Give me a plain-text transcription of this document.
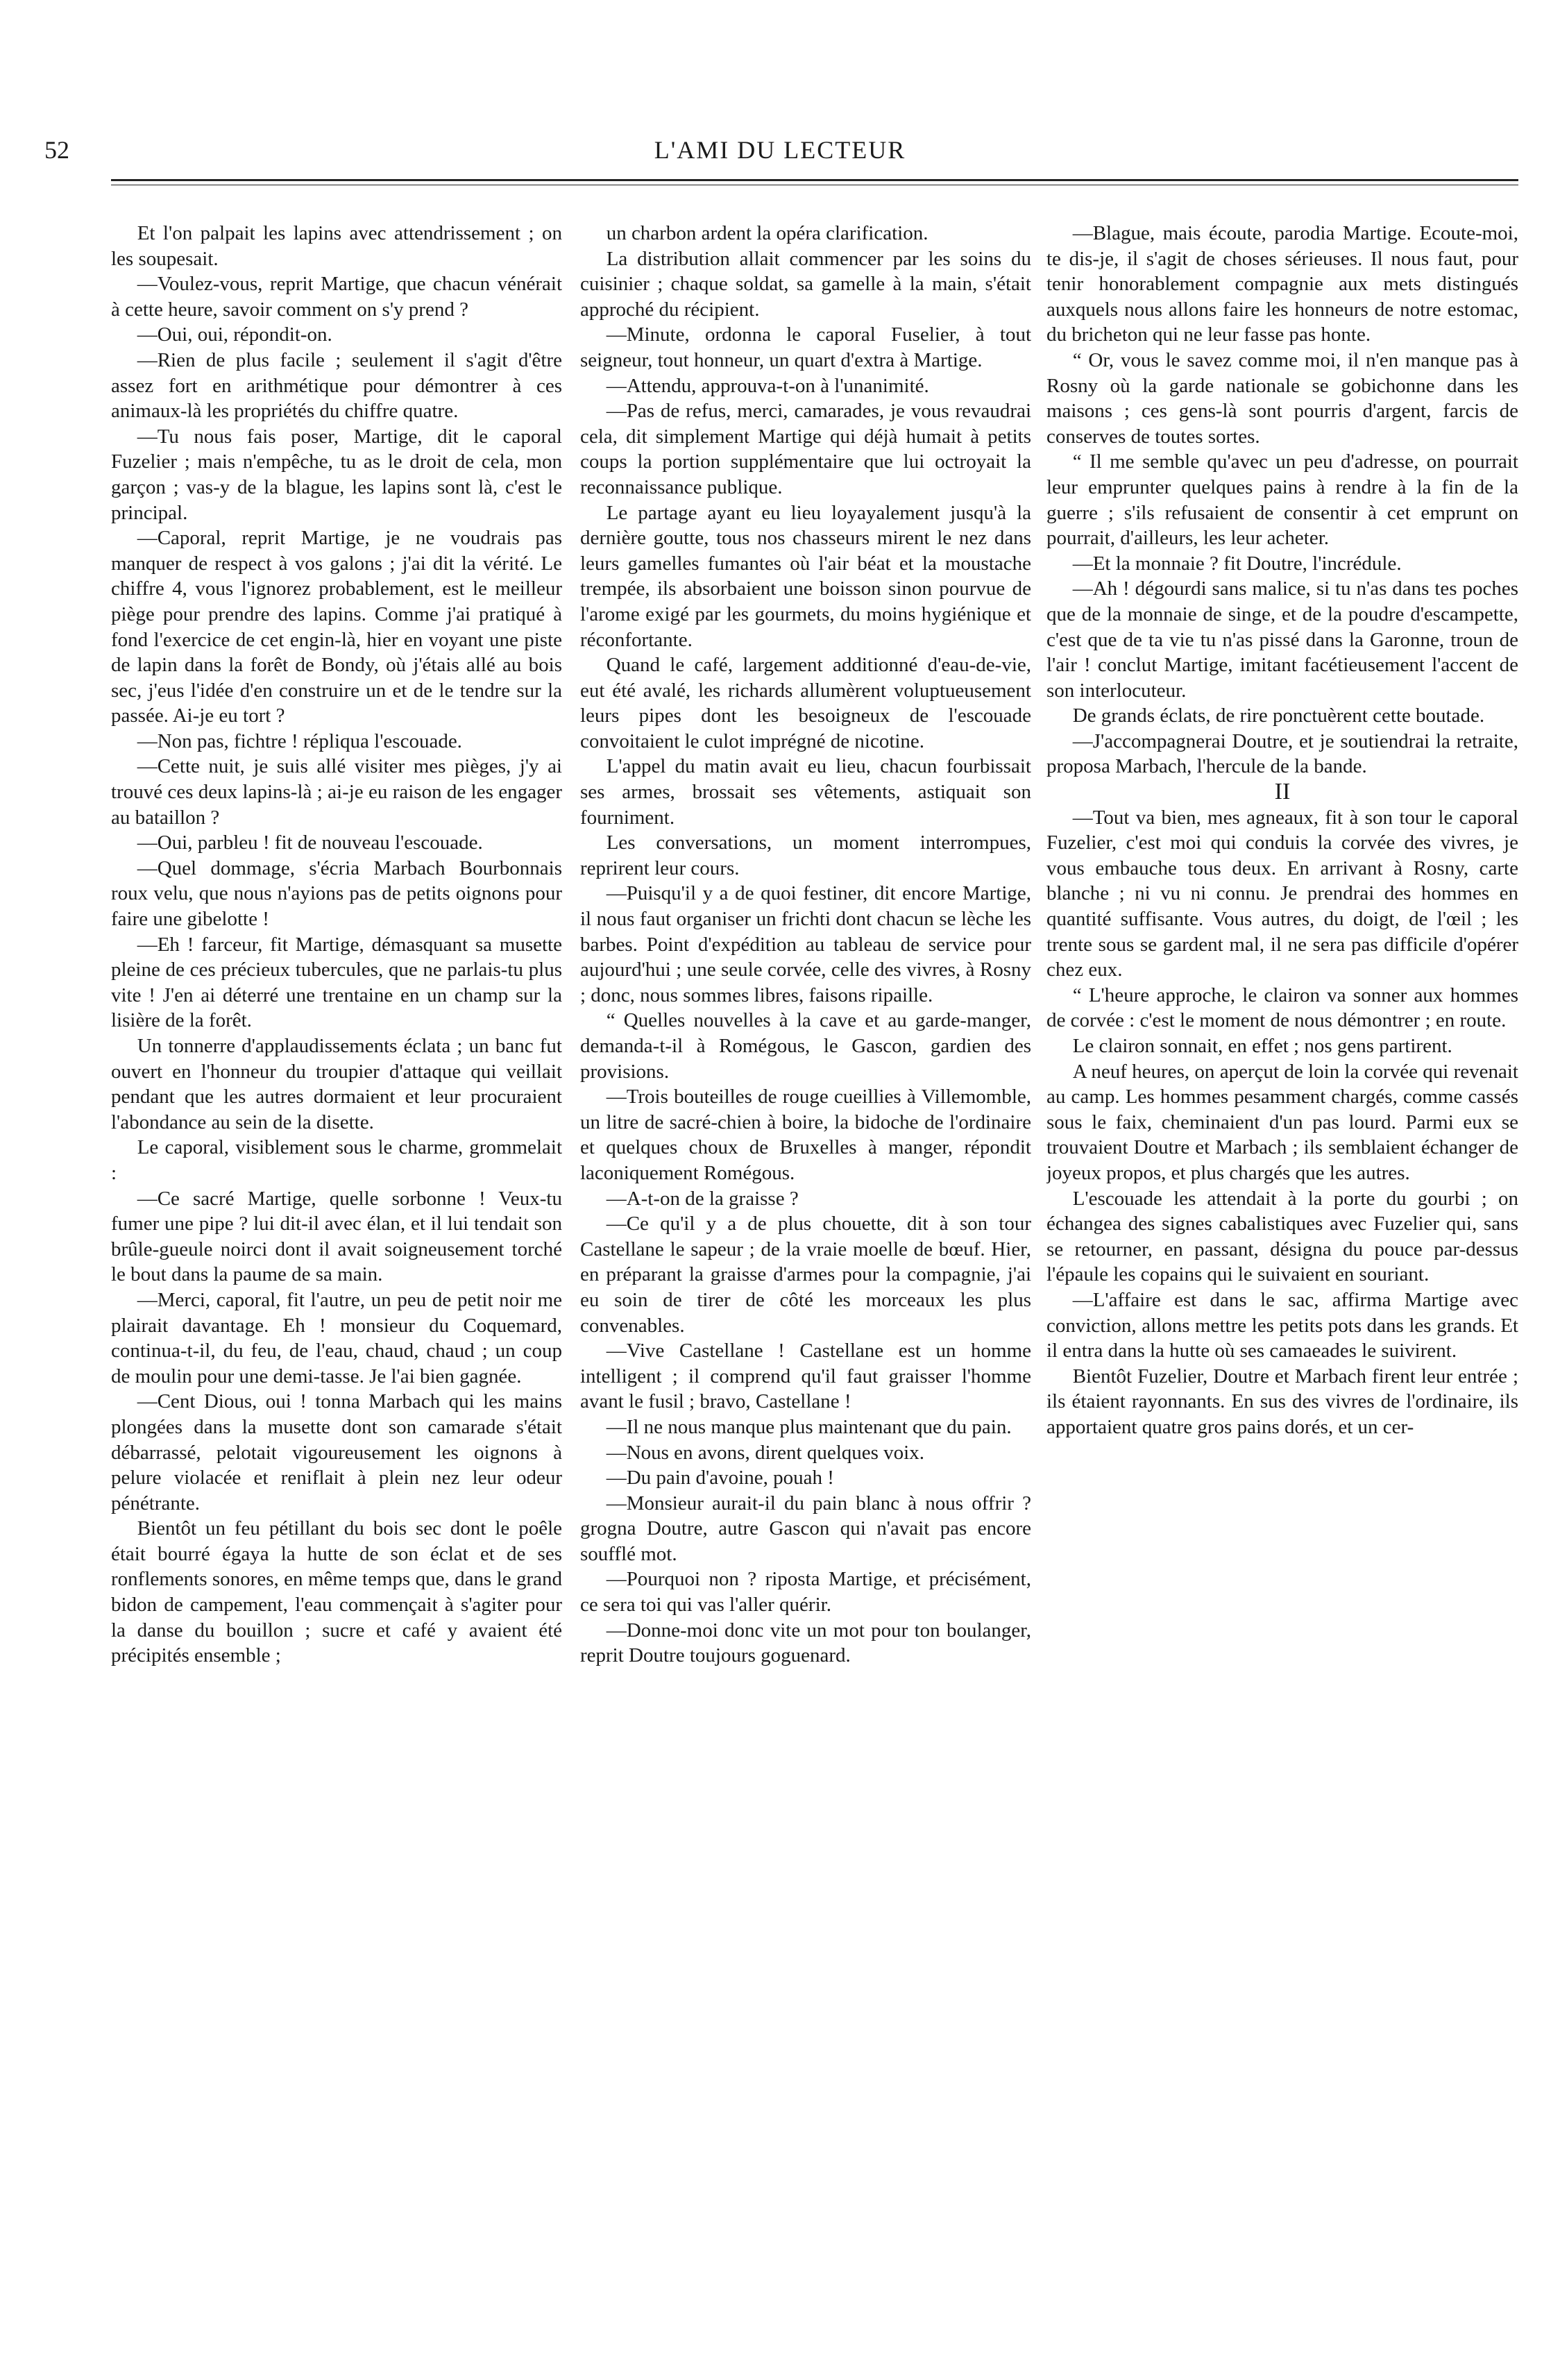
52	L'AMI DU LECTEUR

Et l'on palpait les lapins avec attendrissement ; on les soupesait.

—Voulez-vous, reprit Martige, que chacun vénérait à cette heure, savoir comment on s'y prend ?

—Oui, oui, répondit-on.

—Rien de plus facile ; seulement il s'agit d'être assez fort en arithmétique pour démontrer à ces animaux-là les propriétés du chiffre quatre.

—Tu nous fais poser, Martige, dit le caporal Fuzelier ; mais n'empêche, tu as le droit de cela, mon garçon ; vas-y de la blague, les lapins sont là, c'est le principal.

—Caporal, reprit Martige, je ne voudrais pas manquer de respect à vos galons ; j'ai dit la vérité. Le chiffre 4, vous l'ignorez probablement, est le meilleur piège pour prendre des lapins. Comme j'ai pratiqué à fond l'exercice de cet engin-là, hier en voyant une piste de lapin dans la forêt de Bondy, où j'étais allé au bois sec, j'eus l'idée d'en construire un et de le tendre sur la passée. Ai-je eu tort ?

—Non pas, fichtre ! répliqua l'escouade.

—Cette nuit, je suis allé visiter mes pièges, j'y ai trouvé ces deux lapins-là ; ai-je eu raison de les engager au bataillon ?

—Oui, parbleu ! fit de nouveau l'escouade.

—Quel dommage, s'écria Marbach Bourbonnais roux velu, que nous n'ayions pas de petits oignons pour faire une gibelotte !

—Eh ! farceur, fit Martige, démasquant sa musette pleine de ces précieux tubercules, que ne parlais-tu plus vite ! J'en ai déterré une trentaine en un champ sur la lisière de la forêt.

Un tonnerre d'applaudissements éclata ; un banc fut ouvert en l'honneur du troupier d'attaque qui veillait pendant que les autres dormaient et leur procuraient l'abondance au sein de la disette.

Le caporal, visiblement sous le charme, grommelait :

—Ce sacré Martige, quelle sorbonne ! Veux-tu fumer une pipe ? lui dit-il avec élan, et il lui tendait son brûle-gueule noirci dont il avait soigneusement torché le bout dans la paume de sa main.

—Merci, caporal, fit l'autre, un peu de petit noir me plairait davantage. Eh ! monsieur du Coquemard, continua-t-il, du feu, de l'eau, chaud, chaud ; un coup de moulin pour une demi-tasse. Je l'ai bien gagnée.

—Cent Dious, oui ! tonna Marbach qui les mains plongées dans la musette dont son camarade s'était débarrassé, pelotait vigoureusement les oignons à pelure violacée et reniflait à plein nez leur odeur pénétrante.

Bientôt un feu pétillant du bois sec dont le poêle était bourré égaya la hutte de son éclat et de ses ronflements sonores, en même temps que, dans le grand bidon de campement, l'eau commençait à s'agiter pour la danse du bouillon ; sucre et café y avaient été précipités ensemble ;

un charbon ardent la opéra clarification.

La distribution allait commencer par les soins du cuisinier ; chaque soldat, sa gamelle à la main, s'était approché du récipient.

—Minute, ordonna le caporal Fuselier, à tout seigneur, tout honneur, un quart d'extra à Martige.

—Attendu, approuva-t-on à l'unanimité.

—Pas de refus, merci, camarades, je vous revaudrai cela, dit simplement Martige qui déjà humait à petits coups la portion supplémentaire que lui octroyait la reconnaissance publique.

Le partage ayant eu lieu loyayalement jusqu'à la dernière goutte, tous nos chasseurs mirent le nez dans leurs gamelles fumantes où l'air béat et la moustache trempée, ils absorbaient une boisson sinon pourvue de l'arome exigé par les gourmets, du moins hygiénique et réconfortante.

Quand le café, largement additionné d'eau-de-vie, eut été avalé, les richards allumèrent voluptueusement leurs pipes dont les besoigneux de l'escouade convoitaient le culot imprégné de nicotine.

L'appel du matin avait eu lieu, chacun fourbissait ses armes, brossait ses vêtements, astiquait son fourniment.

Les conversations, un moment interrompues, reprirent leur cours.

—Puisqu'il y a de quoi festiner, dit encore Martige, il nous faut organiser un frichti dont chacun se lèche les barbes. Point d'expédition au tableau de service pour aujourd'hui ; une seule corvée, celle des vivres, à Rosny ; donc, nous sommes libres, faisons ripaille.

“ Quelles nouvelles à la cave et au garde-manger, demanda-t-il à Romégous, le Gascon, gardien des provisions.

—Trois bouteilles de rouge cueillies à Villemomble, un litre de sacré-chien à boire, la bidoche de l'ordinaire et quelques choux de Bruxelles à manger, répondit laconiquement Romégous.

—A-t-on de la graisse ?

—Ce qu'il y a de plus chouette, dit à son tour Castellane le sapeur ; de la vraie moelle de bœuf. Hier, en préparant la graisse d'armes pour la compagnie, j'ai eu soin de tirer de côté les morceaux les plus convenables.

—Vive Castellane ! Castellane est un homme intelligent ; il comprend qu'il faut graisser l'homme avant le fusil ; bravo, Castellane !

—Il ne nous manque plus maintenant que du pain.

—Nous en avons, dirent quelques voix.

—Du pain d'avoine, pouah !

—Monsieur aurait-il du pain blanc à nous offrir ? grogna Doutre, autre Gascon qui n'avait pas encore soufflé mot.

—Pourquoi non ? riposta Martige, et précisément, ce sera toi qui vas l'aller quérir.

—Donne-moi donc vite un mot pour ton boulanger, reprit Doutre toujours goguenard.

—Blague, mais écoute, parodia Martige. Ecoute-moi, te dis-je, il s'agit de choses sérieuses. Il nous faut, pour tenir honorablement compagnie aux mets distingués auxquels nous allons faire les honneurs de notre estomac, du bricheton qui ne leur fasse pas honte.

“ Or, vous le savez comme moi, il n'en manque pas à Rosny où la garde nationale se gobichonne dans les maisons ; ces gens-là sont pourris d'argent, farcis de conserves de toutes sortes.

“ Il me semble qu'avec un peu d'adresse, on pourrait leur emprunter quelques pains à rendre à la fin de la guerre ; s'ils refusaient de consentir à cet emprunt on pourrait, d'ailleurs, les leur acheter.

—Et la monnaie ? fit Doutre, l'incrédule.

—Ah ! dégourdi sans malice, si tu n'as dans tes poches que de la monnaie de singe, et de la poudre d'escampette, c'est que de ta vie tu n'as pissé dans la Garonne, troun de l'air ! conclut Martige, imitant facétieusement l'accent de son interlocuteur.

De grands éclats, de rire ponctuèrent cette boutade.

—J'accompagnerai Doutre, et je soutiendrai la retraite, proposa Marbach, l'hercule de la bande.

II

—Tout va bien, mes agneaux, fit à son tour le caporal Fuzelier, c'est moi qui conduis la corvée des vivres, je vous embauche tous deux. En arrivant à Rosny, carte blanche ; ni vu ni connu. Je prendrai des hommes en quantité suffisante. Vous autres, du doigt, de l'œil ; les trente sous se gardent mal, il ne sera pas difficile d'opérer chez eux.

“ L'heure approche, le clairon va sonner aux hommes de corvée : c'est le moment de nous démontrer ; en route.

Le clairon sonnait, en effet ; nos gens partirent.

A neuf heures, on aperçut de loin la corvée qui revenait au camp. Les hommes pesamment chargés, comme cassés sous le faix, cheminaient d'un pas lourd. Parmi eux se trouvaient Doutre et Marbach ; ils semblaient échanger de joyeux propos, et plus chargés que les autres.

L'escouade les attendait à la porte du gourbi ; on échangea des signes cabalistiques avec Fuzelier qui, sans se retourner, en passant, désigna du pouce par-dessus l'épaule les copains qui le suivaient en souriant.

—L'affaire est dans le sac, affirma Martige avec conviction, allons mettre les petits pots dans les grands. Et il entra dans la hutte où ses camaeades le suivirent.

Bientôt Fuzelier, Doutre et Marbach firent leur entrée ; ils étaient rayonnants. En sus des vivres de l'ordinaire, ils apportaient quatre gros pains dorés, et un cer-
